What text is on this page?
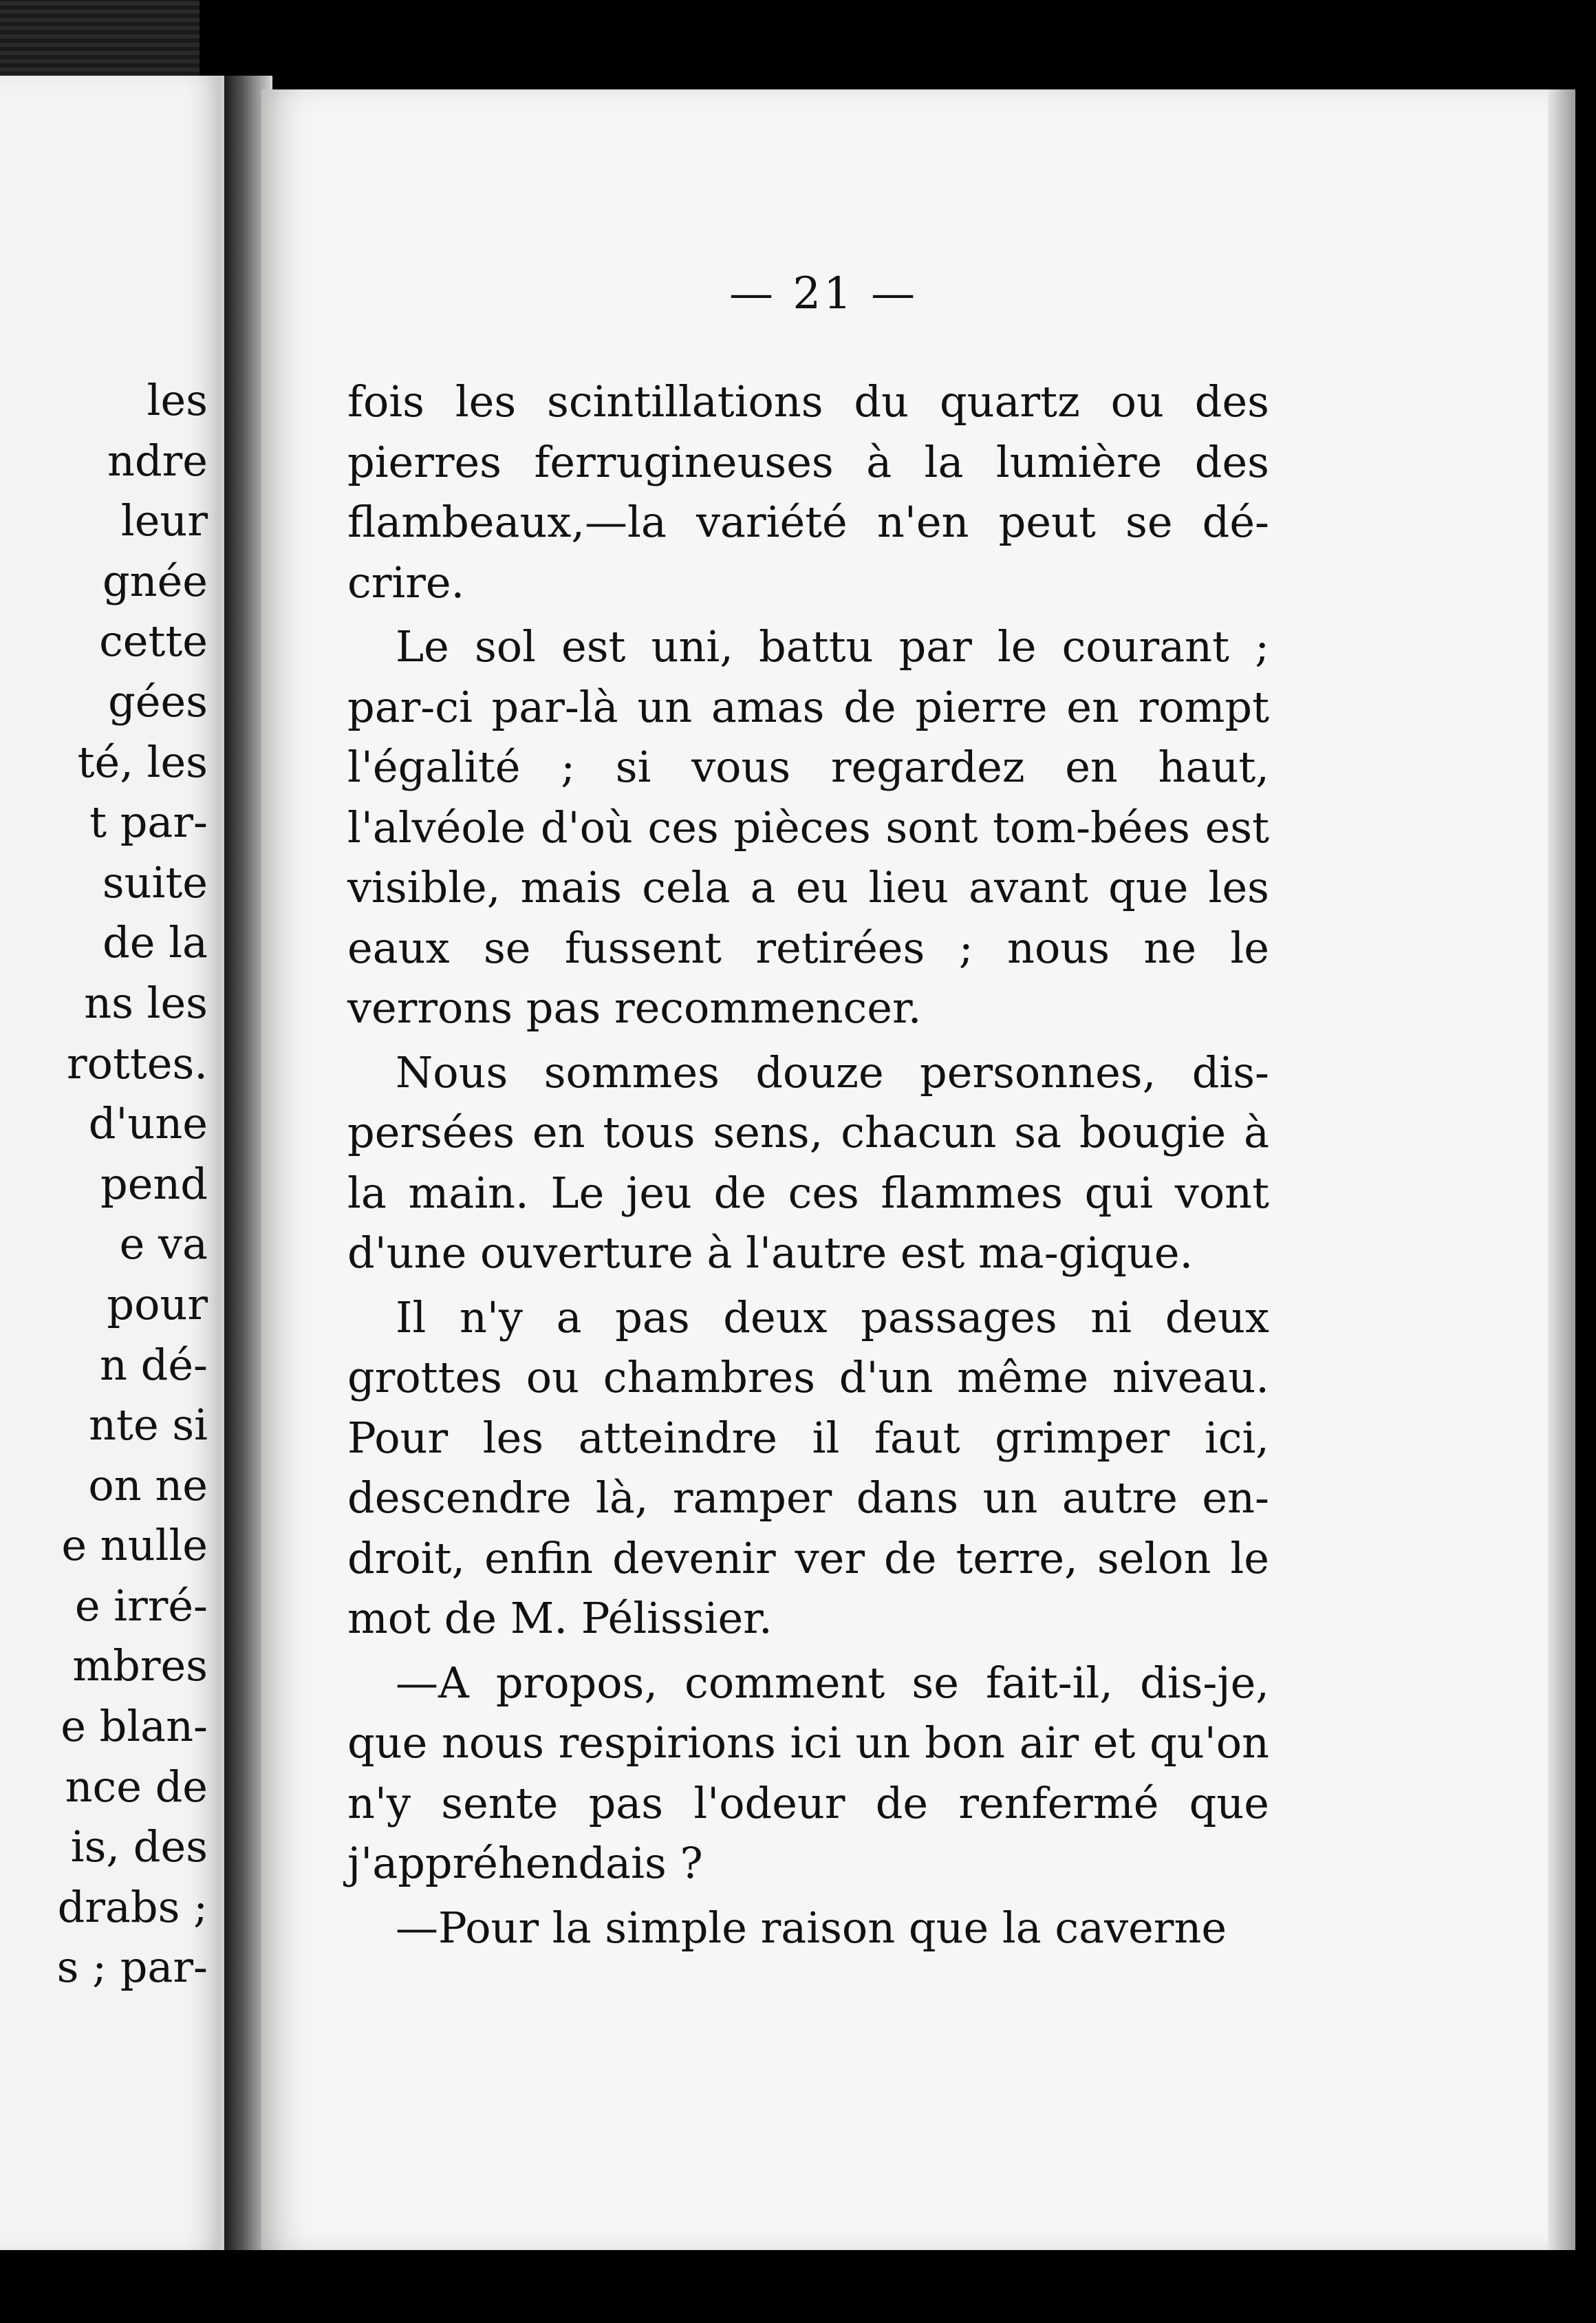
les
ndre
leur
gnée
cette
gées
té, les
t par-
suite
de la
ns les
rottes.
d'une
pend
e va
pour
n dé-
nte si
on ne
e nulle
e irré-
mbres
e blan-
nce de
is, des
drabs ;
s ; par-
— 21 —

fois les scintillations du quartz ou des pierres ferrugineuses à la lumière des flambeaux,—la variété n'en peut se dé-crire.

Le sol est uni, battu par le courant ; par-ci par-là un amas de pierre en rompt l'égalité ; si vous regardez en haut, l'alvéole d'où ces pièces sont tom-bées est visible, mais cela a eu lieu avant que les eaux se fussent retirées ; nous ne le verrons pas recommencer.

Nous sommes douze personnes, dis-persées en tous sens, chacun sa bougie à la main. Le jeu de ces flammes qui vont d'une ouverture à l'autre est ma-gique.

Il n'y a pas deux passages ni deux grottes ou chambres d'un même niveau. Pour les atteindre il faut grimper ici, descendre là, ramper dans un autre en-droit, enfin devenir ver de terre, selon le mot de M. Pélissier.

—A propos, comment se fait-il, dis-je, que nous respirions ici un bon air et qu'on n'y sente pas l'odeur de renfermé que j'appréhendais ?

—Pour la simple raison que la caverne
